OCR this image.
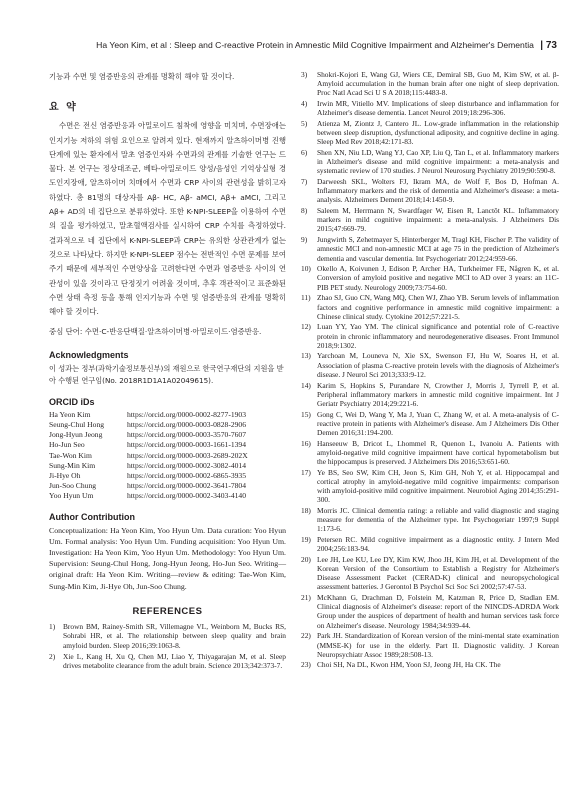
Ha Yeon Kim, et al : Sleep and C-reactive Protein in Amnestic Mild Cognitive Impairment and Alzheimer's Dementia | 73

기능과 수면 및 염증반응의 관계를 명확히 해야 할 것이다.

요 약

수면은 전신 염증반응과 아밀로이드 침착에 영향을 미치며, 수면장애는 인지기능 저하의 위험 요인으로 알려져 있다. 현재까지 알츠하이머병 진행 단계에 있는 환자에서 말초 염증인자와 수면과의 관계를 기술한 연구는 드물다. 본 연구는 정상대조군, 베타-아밀로이드 양성/음성인 기억상실형 경도인지장애, 알츠하이머 치매에서 수면과 CRP 사이의 관련성을 밝히고자 하였다. 총 81명의 대상자를 Aβ- HC, Aβ- aMCI, Aβ+ aMCI, 그리고 Aβ+ AD의 네 집단으로 분류하였다. 또한 K-NPI-SLEEP을 이용하여 수면의 질을 평가하였고, 말초혈액검사를 실시하여 CRP 수치를 측정하였다. 결과적으로 네 집단에서 K-NPI-SLEEP과 CRP는 유의한 상관관계가 없는 것으로 나타났다. 하지만 K-NPI-SLEEP 점수는 전반적인 수면 문제를 보여주기 때문에 세부적인 수면양상을 고려한다면 수면과 염증반응 사이의 연관성이 있을 것이라고 단정짓기 어려울 것이며, 추후 객관적이고 표준화된 수면 상태 측정 등을 통해 인지기능과 수면 및 염증반응의 관계를 명확히 해야 할 것이다.

중심 단어: 수면·C-반응단백질·알츠하이머병·아밀로이드·염증반응.

Acknowledgments

이 성과는 정부(과학기술정보통신부)의 재원으로 한국연구재단의 지원을 받아 수행된 연구임(No. 2018R1D1A1A02049615).

ORCID iDs
Ha Yeon Kim	https://orcid.org/0000-0002-8277-1903
Seung-Chul Hong	https://orcid.org/0000-0003-0828-2906
Jong-Hyun Jeong	https://orcid.org/0000-0003-3570-7607
Ho-Jun Seo	https://orcid.org/0000-0003-1661-1394
Tae-Won Kim	https://orcid.org/0000-0003-2689-202X
Sung-Min Kim	https://orcid.org/0000-0002-3082-4014
Ji-Hye Oh	https://orcid.org/0000-0002-6865-3935
Jun-Soo Chung	https://orcid.org/0000-0002-3641-7804
Yoo Hyun Um	https://orcid.org/0000-0002-3403-4140
Author Contribution

Conceptualization: Ha Yeon Kim, Yoo Hyun Um. Data curation: Yoo Hyun Um. Formal analysis: Yoo Hyun Um. Funding acquisition: Yoo Hyun Um. Investigation: Ha Yeon Kim, Yoo Hyun Um. Methodology: Yoo Hyun Um. Supervision: Seung-Chul Hong, Jong-Hyun Jeong, Ho-Jun Seo. Writing—original draft: Ha Yeon Kim. Writing—review & editing: Tae-Won Kim, Sung-Min Kim, Ji-Hye Oh, Jun-Soo Chung.

REFERENCES
1)	Brown BM, Rainey-Smith SR, Villemagne VL, Weinborn M, Bucks RS, Sohrabi HR, et al. The relationship between sleep quality and brain amyloid burden. Sleep 2016;39:1063-8.
2)	Xie L, Kang H, Xu Q, Chen MJ, Liao Y, Thiyagarajan M, et al. Sleep drives metabolite clearance from the adult brain. Science 2013;342:373-7.
3)	Shokri-Kojori E, Wang GJ, Wiers CE, Demiral SB, Guo M, Kim SW, et al. β-Amyloid accumulation in the human brain after one night of sleep deprivation. Proc Natl Acad Sci U S A 2018;115:4483-8.
4)	Irwin MR, Vitiello MV. Implications of sleep disturbance and inflammation for Alzheimer's disease dementia. Lancet Neurol 2019;18:296-306.
5)	Atienza M, Ziontz J, Cantero JL. Low-grade inflammation in the relationship between sleep disruption, dysfunctional adiposity, and cognitive decline in aging. Sleep Med Rev 2018;42:171-83.
6)	Shen XN, Niu LD, Wang YJ, Cao XP, Liu Q, Tan L, et al. Inflammatory markers in Alzheimer's disease and mild cognitive impairment: a meta-analysis and systematic review of 170 studies. J Neurol Neurosurg Psychiatry 2019;90:590-8.
7)	Darweesh SKL, Wolters FJ, Ikram MA, de Wolf F, Bos D, Hofman A. Inflammatory markers and the risk of dementia and Alzheimer's disease: a meta-analysis. Alzheimers Dement 2018;14:1450-9.
8)	Saleem M, Herrmann N, Swardfager W, Eisen R, Lanctôt KL. Inflammatory markers in mild cognitive impairment: a meta-analysis. J Alzheimers Dis 2015;47:669-79.
9)	Jungwirth S, Zehetmayer S, Hinterberger M, Tragl KH, Fischer P. The validity of amnestic MCI and non-amnestic MCI at age 75 in the prediction of Alzheimer's dementia and vascular dementia. Int Psychogeriatr 2012;24:959-66.
10) Okello A, Koivunen J, Edison P, Archer HA, Turkheimer FE, Någren K, et al. Conversion of amyloid positive and negative MCI to AD over 3 years: an 11C-PIB PET study. Neurology 2009;73:754-60.
11) Zhao SJ, Guo CN, Wang MQ, Chen WJ, Zhao YB. Serum levels of inflammation factors and cognitive performance in amnestic mild cognitive impairment: a Chinese clinical study. Cytokine 2012;57:221-5.
12) Luan YY, Yao YM. The clinical significance and potential role of C-reactive protein in chronic inflammatory and neurodegenerative diseases. Front Immunol 2018;9:1302.
13) Yarchoan M, Louneva N, Xie SX, Swenson FJ, Hu W, Soares H, et al. Association of plasma C-reactive protein levels with the diagnosis of Alzheimer's disease. J Neurol Sci 2013;333:9-12.
14) Karim S, Hopkins S, Purandare N, Crowther J, Morris J, Tyrrell P, et al. Peripheral inflammatory markers in amnestic mild cognitive impairment. Int J Geriatr Psychiatry 2014;29:221-6.
15) Gong C, Wei D, Wang Y, Ma J, Yuan C, Zhang W, et al. A meta-analysis of C-reactive protein in patients with Alzheimer's disease. Am J Alzheimers Dis Other Demen 2016;31:194-200.
16) Hanseeuw B, Dricot L, Lhommel R, Quenon L, Ivanoiu A. Patients with amyloid-negative mild cognitive impairment have cortical hypometabolism but the hippocampus is preserved. J Alzheimers Dis 2016;53:651-60.
17) Ye BS, Seo SW, Kim CH, Jeon S, Kim GH, Noh Y, et al. Hippocampal and cortical atrophy in amyloid-negative mild cognitive impairments: comparison with amyloid-positive mild cognitive impairment. Neurobiol Aging 2014;35:291-300.
18) Morris JC. Clinical dementia rating: a reliable and valid diagnostic and staging measure for dementia of the Alzheimer type. Int Psychogeriatr 1997;9 Suppl 1:173-6.
19) Petersen RC. Mild cognitive impairment as a diagnostic entity. J Intern Med 2004;256:183-94.
20) Lee JH, Lee KU, Lee DY, Kim KW, Jhoo JH, Kim JH, et al. Development of the Korean Version of the Consortium to Establish a Registry for Alzheimer's Disease Assessment Packet (CERAD-K) clinical and neuropsychological assessment batteries. J Gerontol B Psychol Sci Soc Sci 2002;57:47-53.
21) McKhann G, Drachman D, Folstein M, Katzman R, Price D, Stadlan EM. Clinical diagnosis of Alzheimer's disease: report of the NINCDS-ADRDA Work Group under the auspices of department of health and human services task force on Alzheimer's disease. Neurology 1984;34:939-44.
22) Park JH. Standardization of Korean version of the mini-mental state examination (MMSE-K) for use in the elderly. Part II. Diagnostic validity. J Korean Neuropsychiatr Assoc 1989;28:508-13.
23) Choi SH, Na DL, Kwon HM, Yoon SJ, Jeong JH, Ha CK. The
